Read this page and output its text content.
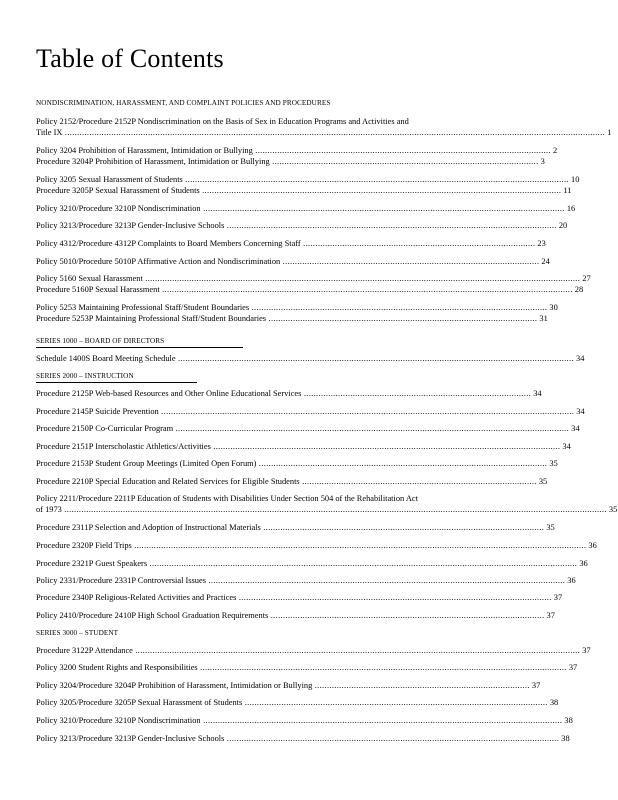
Table of Contents
NONDISCRIMINATION, HARASSMENT, AND COMPLAINT POLICIES AND PROCEDURES
SERIES 1000 – BOARD OF DIRECTORS
SERIES 2000 – INSTRUCTION
SERIES 3000 – STUDENT
Policy 2152/Procedure 2152P Nondiscrimination on the Basis of Sex in Education Programs and Activities and
Title IX ............................................................................................................................................................................................................................. 1
Policy 3204 Prohibition of Harassment, Intimidation or Bullying ......................................................................................................................... 2
Procedure 3204P Prohibition of Harassment, Intimidation or Bullying ............................................................................................................. 3
Policy 3205 Sexual Harassment of Students ............................................................................................................................................................. 10
Procedure 3205P Sexual Harassment of Students ................................................................................................................................................... 11
Policy 3210/Procedure 3210P Nondiscrimination .................................................................................................................................................... 16
Policy 3213/Procedure 3213P Gender-Inclusive Schools ....................................................................................................................................... 20
Policy 4312/Procedure 4312P Complaints to Board Members Concerning Staff ............................................................................................... 23
Policy 5010/Procedure 5010P Affirmative Action and Nondiscrimination ......................................................................................................... 24
Policy 5160 Sexual Harassment .................................................................................................................................................................................. 27
Procedure 5160P Sexual Harassment ........................................................................................................................................................................ 28
Policy 5253 Maintaining Professional Staff/Student Boundaries ......................................................................................................................... 30
Procedure 5253P Maintaining Professional Staff/Student Boundaries .............................................................................................................. 31
Schedule 1400S Board Meeting Schedule .................................................................................................................................................................. 34
Procedure 2125P Web-based Resources and Other Online Educational Services ............................................................................................. 34
Procedure 2145P Suicide Prevention ......................................................................................................................................................................... 34
Procedure 2150P Co-Curricular Program ................................................................................................................................................................. 34
Procedure 2151P Interscholastic Athletics/Activities .............................................................................................................................................. 34
Procedure 2153P Student Group Meetings (Limited Open Forum) ...................................................................................................................... 35
Procedure 2210P Special Education and Related Services for Eligible Students ................................................................................................ 35
Policy 2211/Procedure 2211P Education of Students with Disabilities Under Section 504 of the Rehabilitation Act
of 1973 .............................................................................................................................................................................................................................. 35
Procedure 2311P Selection and Adoption of Instructional Materials ................................................................................................................... 35
Procedure 2320P Field Trips ......................................................................................................................................................................................... 36
Procedure 2321P Guest Speakers ............................................................................................................................................................................... 36
Policy 2331/Procedure 2331P Controversial Issues .................................................................................................................................................. 36
Procedure 2340P Religious-Related Activities and Practices ................................................................................................................................ 37
Policy 2410/Procedure 2410P High School Graduation Requirements ................................................................................................................ 37
Procedure 3122P Attendance ...................................................................................................................................................................................... 37
Policy 3200 Student Rights and Responsibilities ...................................................................................................................................................... 37
Policy 3204/Procedure 3204P Prohibition of Harassment, Intimidation or Bullying ........................................................................................ 37
Policy 3205/Procedure 3205P Sexual Harassment of Students ............................................................................................................................ 38
Policy 3210/Procedure 3210P Nondiscrimination ................................................................................................................................................... 38
Policy 3213/Procedure 3213P Gender-Inclusive Schools ........................................................................................................................................ 38
